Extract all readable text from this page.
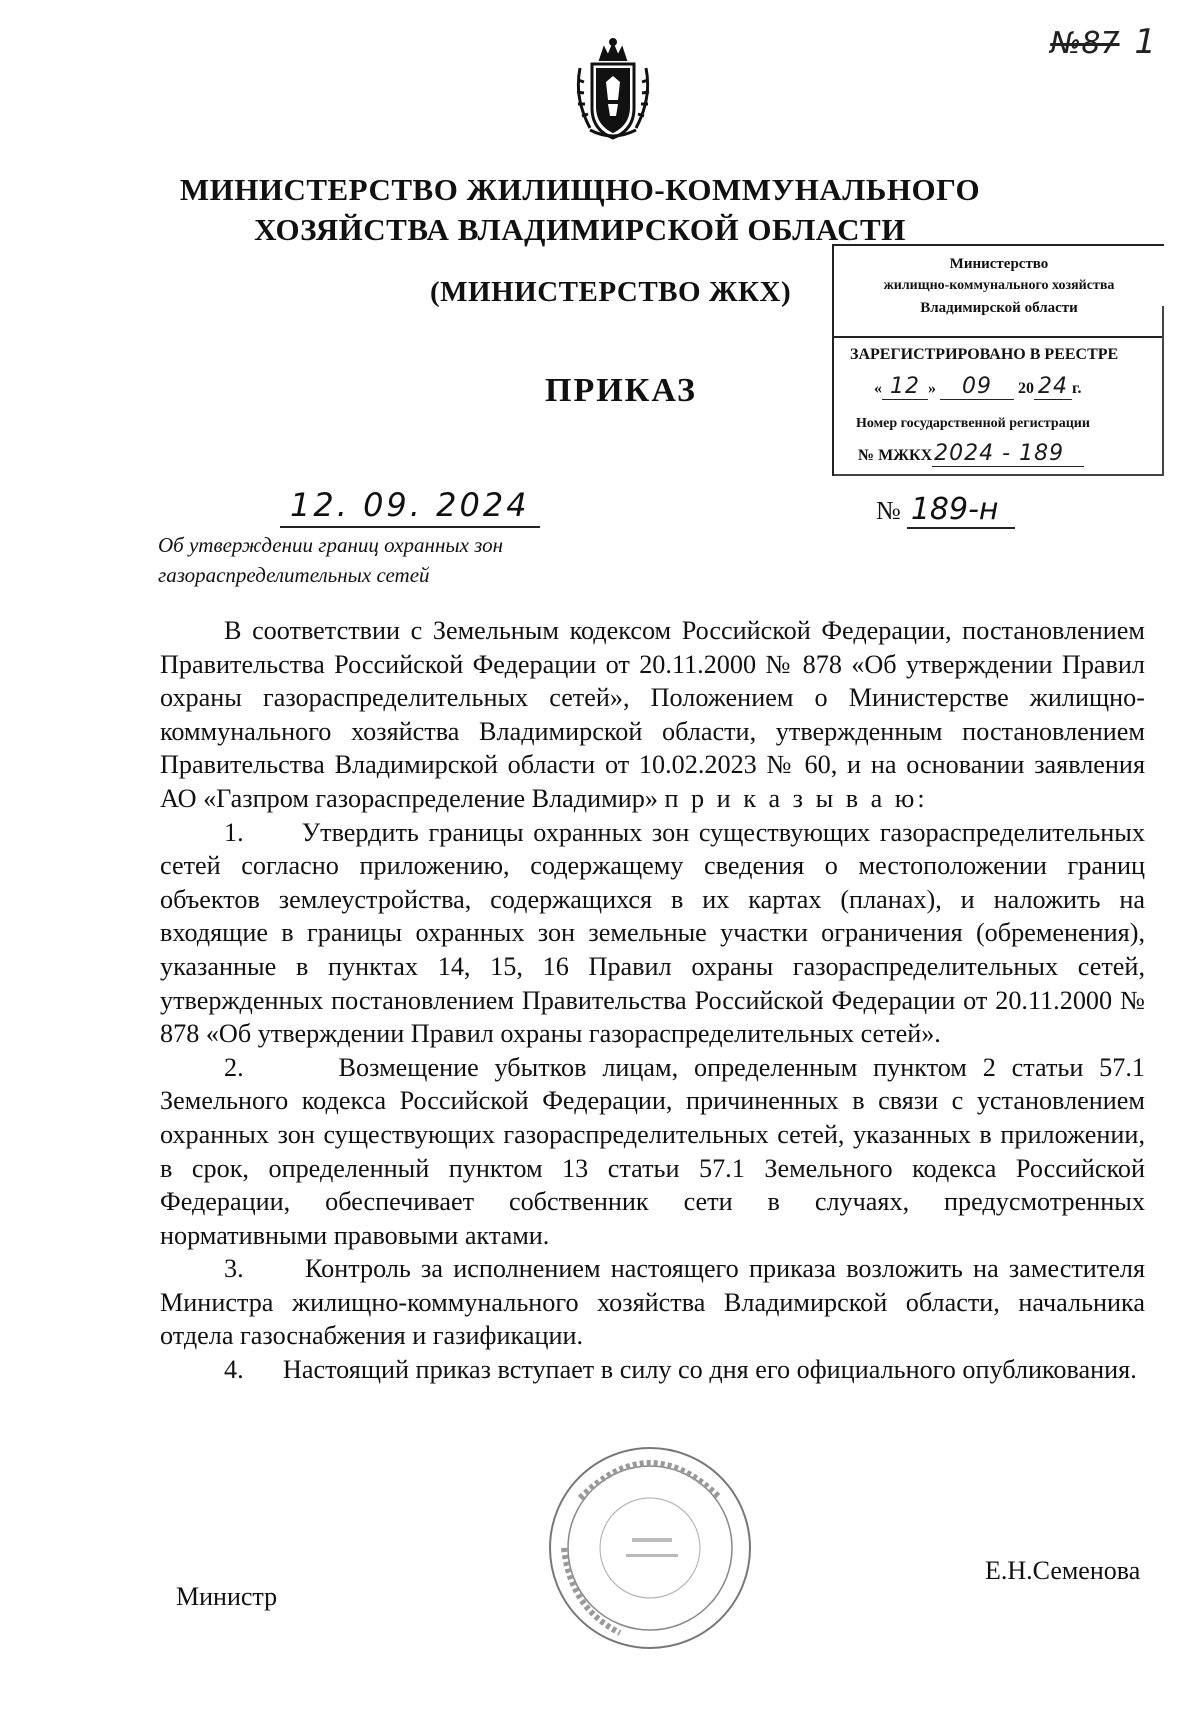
№87 1
МИНИСТЕРСТВО ЖИЛИЩНО-КОММУНАЛЬНОГО
ХОЗЯЙСТВА ВЛАДИМИРСКОЙ ОБЛАСТИ
(МИНИСТЕРСТВО ЖКХ)
ПРИКАЗ
Министерство
жилищно-коммунального хозяйства
Владимирской области
ЗАРЕГИСТРИРОВАНО В РЕЕСТРЕ
« 12 » 09 20 24 г.
Номер государственной регистрации
№ МЖКХ2024 - 189
12. 09. 2024	№ 189-н
Об утверждении границ охранных зон газораспределительных сетей

В соответствии с Земельным кодексом Российской Федерации, постановлением Правительства Российской Федерации от 20.11.2000 № 878 «Об утверждении Правил охраны газораспределительных сетей», Положением о Министерстве жилищно-коммунального хозяйства Владимирской области, утвержденным постановлением Правительства Владимирской области от 10.02.2023 № 60, и на основании заявления АО «Газпром газораспределение Владимир» п р и к а з ы в а ю:

1.      Утвердить границы охранных зон существующих газораспределительных сетей согласно приложению, содержащему сведения о местоположении границ объектов землеустройства, содержащихся в их картах (планах), и наложить на входящие в границы охранных зон земельные участки ограничения (обременения), указанные в пунктах 14, 15, 16 Правил охраны газораспределительных сетей, утвержденных постановлением Правительства Российской Федерации от 20.11.2000 № 878 «Об утверждении Правил охраны газораспределительных сетей».

2.      Возмещение убытков лицам, определенным пунктом 2 статьи 57.1 Земельного кодекса Российской Федерации, причиненных в связи с установлением охранных зон существующих газораспределительных сетей, указанных в приложении, в срок, определенный пунктом 13 статьи 57.1 Земельного кодекса Российской Федерации, обеспечивает собственник сети в случаях, предусмотренных нормативными правовыми актами.

3.      Контроль за исполнением настоящего приказа возложить на заместителя Министра жилищно-коммунального хозяйства Владимирской области, начальника отдела газоснабжения и газификации.

4.      Настоящий приказ вступает в силу со дня его официального опубликования.

Министр
Е.Н.Семенова
